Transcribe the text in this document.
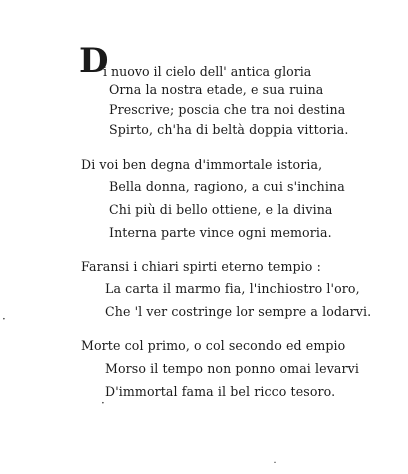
D
i nuovo il cielo dell' antica gloria
Orna la nostra etade, e sua ruina
Prescrive; poscia che tra noi destina
Spirto, ch'ha di beltà doppia vittoria.
Di voi ben degna d'immortale istoria,
Bella donna, ragiono, a cui s'inchina
Chi più di bello ottiene, e la divina
Interna parte vince ogni memoria.
Faransi i chiari spirti eterno tempio :
La carta il marmo fia, l'inchiostro l'oro,
Che 'l ver costringe lor sempre a lodarvi.
Morte col primo, o col secondo ed empio
Morso il tempo non ponno omai levarvi
D'immortal fama il bel ricco tesoro.
·
·
˙
